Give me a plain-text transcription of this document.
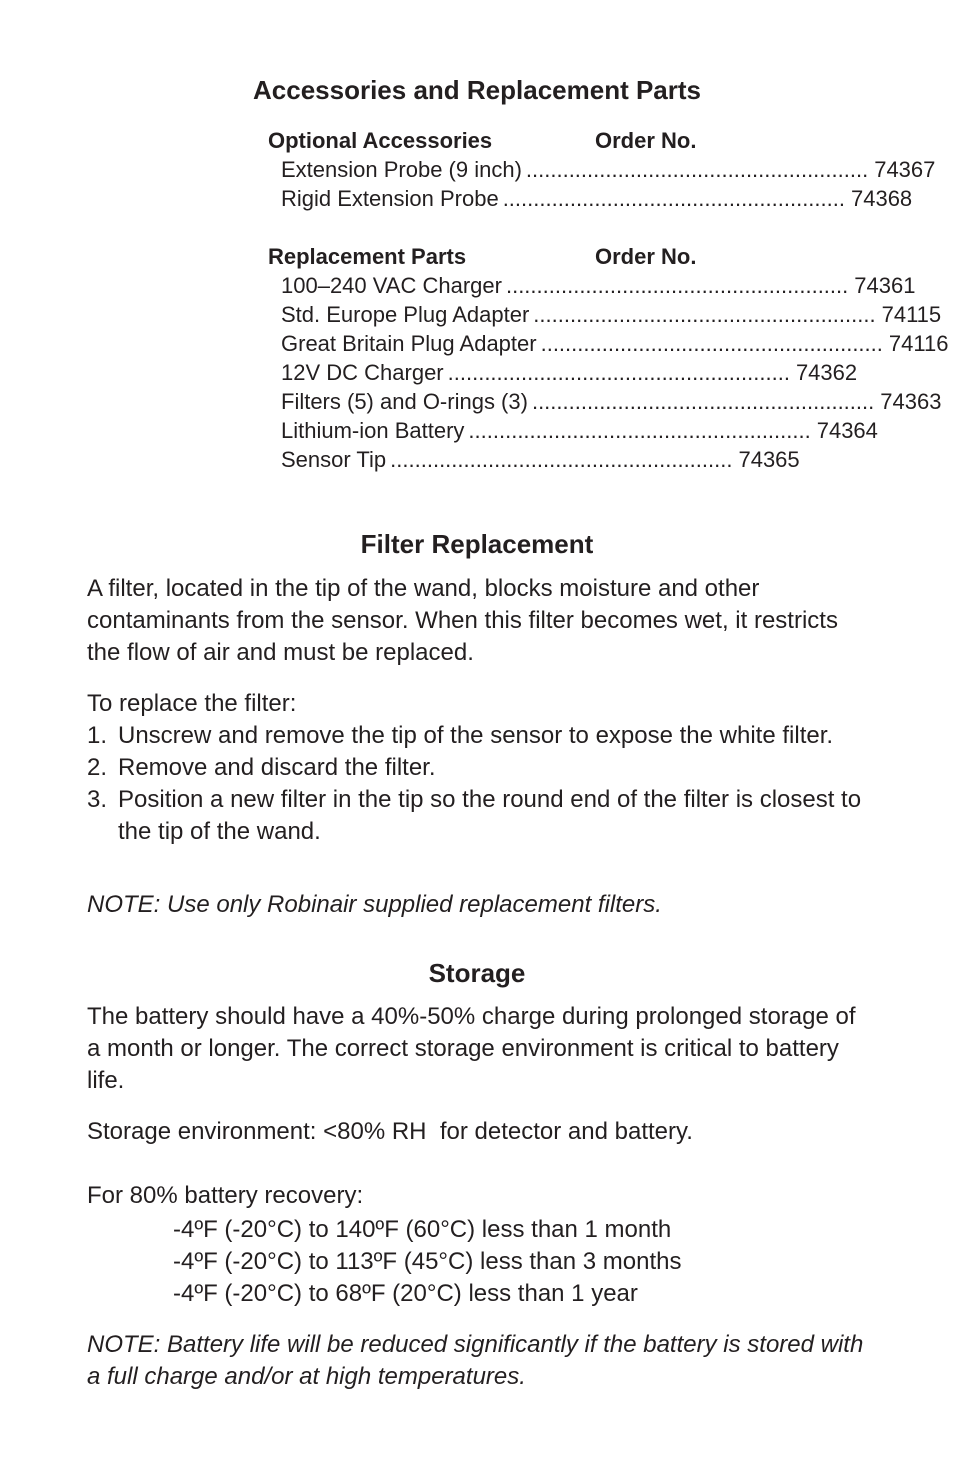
Accessories and Replacement Parts
Optional Accessories	Order No.
Extension Probe (9 inch) ........................................................ 74367
Rigid Extension Probe ........................................................ 74368
Replacement Parts	Order No.
100–240 VAC Charger ........................................................ 74361
Std. Europe Plug Adapter ........................................................ 74115
Great Britain Plug Adapter ........................................................ 74116
12V DC Charger ........................................................ 74362
Filters (5) and O-rings (3) ........................................................ 74363
Lithium-ion Battery ........................................................ 74364
Sensor Tip ........................................................ 74365
Filter Replacement

A filter, located in the tip of the wand, blocks moisture and other contaminants from the sensor. When this filter becomes wet, it restricts the flow of air and must be replaced.

To replace the filter:

1. Unscrew and remove the tip of the sensor to expose the white filter.
2. Remove and discard the filter.
3. Position a new filter in the tip so the round end of the filter is closest to the tip of the wand.

NOTE: Use only Robinair supplied replacement filters.

Storage

The battery should have a 40%-50% charge during prolonged storage of a month or longer. The correct storage environment is critical to battery life.

Storage environment: <80% RH  for detector and battery.

For 80% battery recovery:

-4ºF (-20°C) to 140ºF (60°C) less than 1 month
-4ºF (-20°C) to 113ºF (45°C) less than 3 months
-4ºF (-20°C) to 68ºF (20°C) less than 1 year

NOTE: Battery life will be reduced significantly if the battery is stored with a full charge and/or at high temperatures.
